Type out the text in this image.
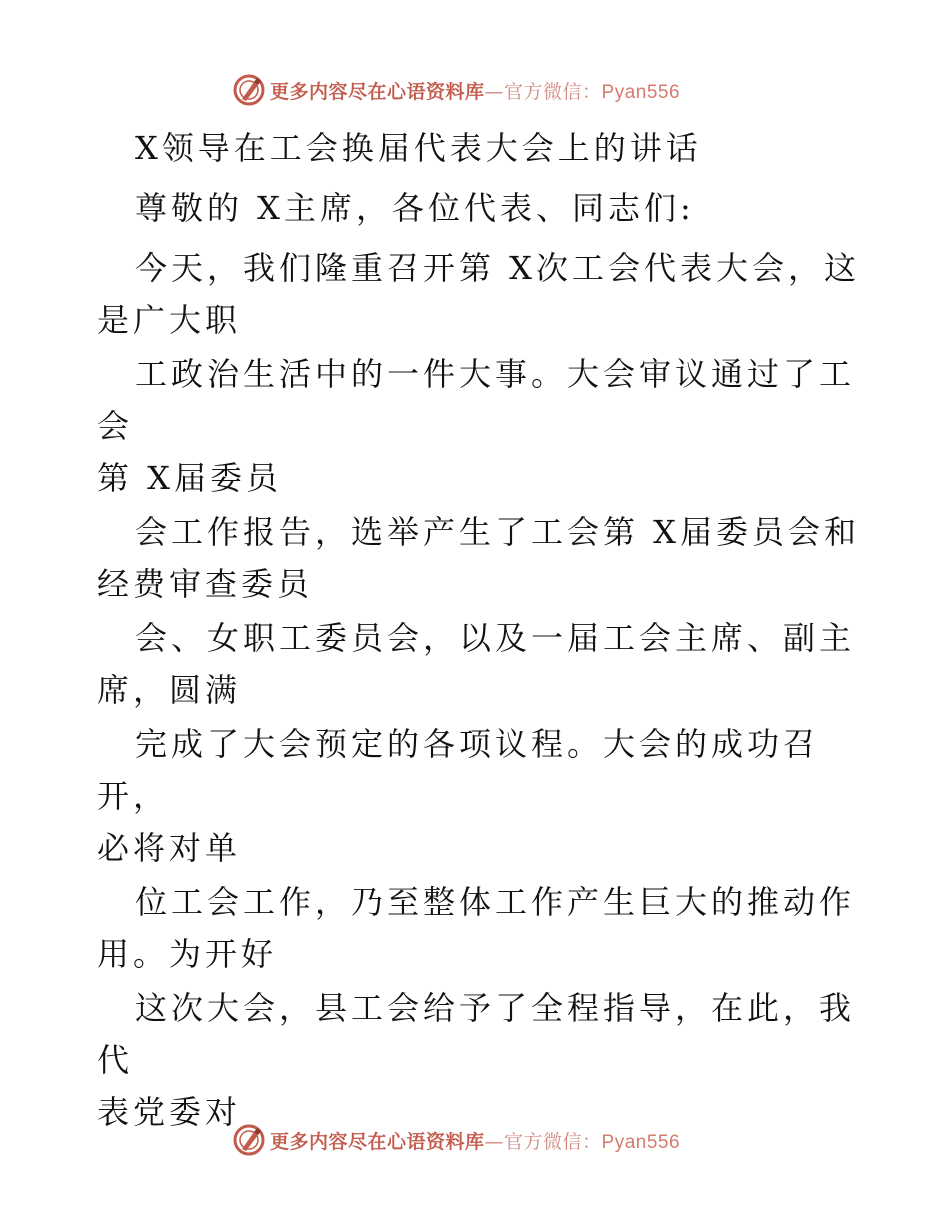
更多内容尽在心语资料库—官方微信：Pyan556

X领导在工会换届代表大会上的讲话

尊敬的 X主席，各位代表、同志们:

今天，我们隆重召开第 X次工会代表大会，这
是广大职

工政治生活中的一件大事。大会审议通过了工会
第 X届委员

会工作报告，选举产生了工会第 X届委员会和
经费审查委员

会、女职工委员会，以及一届工会主席、副主
席，圆满

完成了大会预定的各项议程。大会的成功召开，
必将对单

位工会工作，乃至整体工作产生巨大的推动作
用。为开好

这次大会，县工会给予了全程指导，在此，我代
表党委对

更多内容尽在心语资料库—官方微信：Pyan556
